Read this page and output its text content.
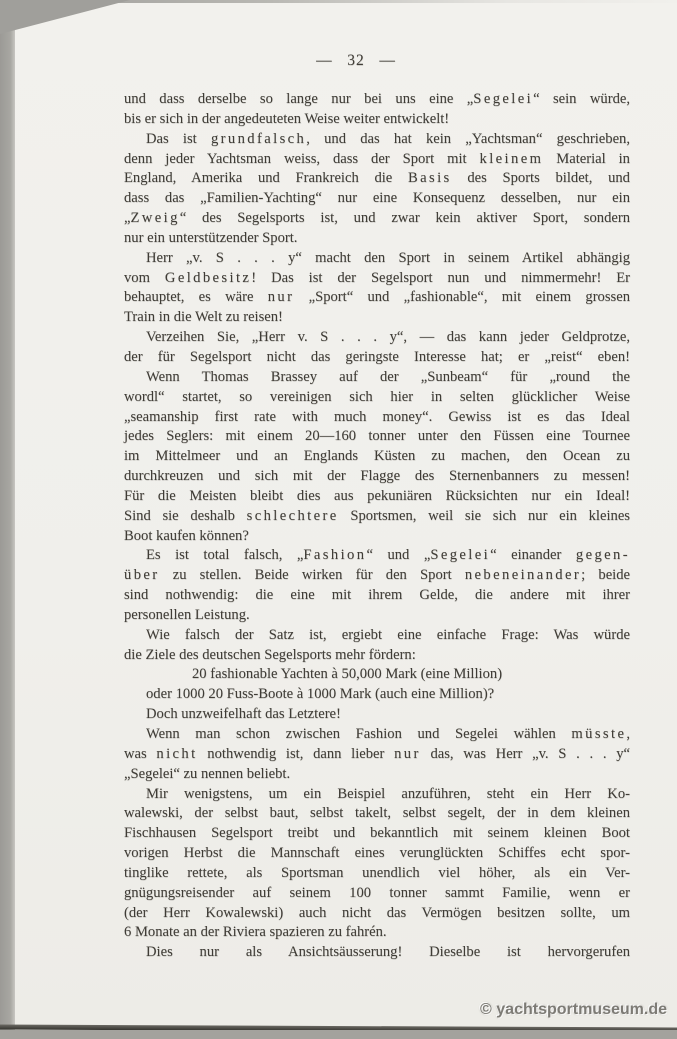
—   32   —
und dass derselbe so lange nur bei uns eine „Segelei“ sein würde,
bis er sich in der angedeuteten Weise weiter entwickelt!
Das ist grundfalsch, und das hat kein „Yachtsman“ geschrieben,
denn jeder Yachtsman weiss, dass der Sport mit kleinem Material in
England, Amerika und Frankreich die Basis des Sports bildet, und
dass das „Familien-Yachting“ nur eine Konsequenz desselben, nur ein
„Zweig“ des Segelsports ist, und zwar kein aktiver Sport, sondern
nur ein unterstützender Sport.
Herr „v. S . . . y“ macht den Sport in seinem Artikel abhängig
vom Geldbesitz! Das ist der Segelsport nun und nimmermehr! Er
behauptet, es wäre nur „Sport“ und „fashionable“, mit einem grossen
Train in die Welt zu reisen!
Verzeihen Sie, „Herr v. S . . . y“, — das kann jeder Geldprotze,
der für Segelsport nicht das geringste Interesse hat; er „reist“ eben!
Wenn Thomas Brassey auf der „Sunbeam“ für „round the
wordl“ startet, so vereinigen sich hier in selten glücklicher Weise
„seamanship first rate with much money“. Gewiss ist es das Ideal
jedes Seglers: mit einem 20—160 tonner unter den Füssen eine Tournee
im Mittelmeer und an Englands Küsten zu machen, den Ocean zu
durchkreuzen und sich mit der Flagge des Sternenbanners zu messen!
Für die Meisten bleibt dies aus pekuniären Rücksichten nur ein Ideal!
Sind sie deshalb schlechtere Sportsmen, weil sie sich nur ein kleines
Boot kaufen können?
Es ist total falsch, „Fashion“ und „Segelei“ einander gegen-
über zu stellen. Beide wirken für den Sport nebeneinander; beide
sind nothwendig: die eine mit ihrem Gelde, die andere mit ihrer
personellen Leistung.
Wie falsch der Satz ist, ergiebt eine einfache Frage: Was würde
die Ziele des deutschen Segelsports mehr fördern:
20 fashionable Yachten à 50,000 Mark (eine Million)
oder 1000 20 Fuss-Boote à 1000 Mark (auch eine Million)?
Doch unzweifelhaft das Letztere!
Wenn man schon zwischen Fashion und Segelei wählen müsste,
was nicht nothwendig ist, dann lieber nur das, was Herr „v. S . . . y“
„Segelei“ zu nennen beliebt.
Mir wenigstens, um ein Beispiel anzuführen, steht ein Herr Ko-
walewski, der selbst baut, selbst takelt, selbst segelt, der in dem kleinen
Fischhausen Segelsport treibt und bekanntlich mit seinem kleinen Boot
vorigen Herbst die Mannschaft eines verunglückten Schiffes echt spor-
tinglike rettete, als Sportsman unendlich viel höher, als ein Ver-
gnügungsreisender auf seinem 100 tonner sammt Familie, wenn er
(der Herr Kowalewski) auch nicht das Vermögen besitzen sollte, um
6 Monate an der Riviera spazieren zu fahrén.
Dies nur als Ansichtsäusserung! Dieselbe ist hervorgerufen
© yachtsportmuseum.de
